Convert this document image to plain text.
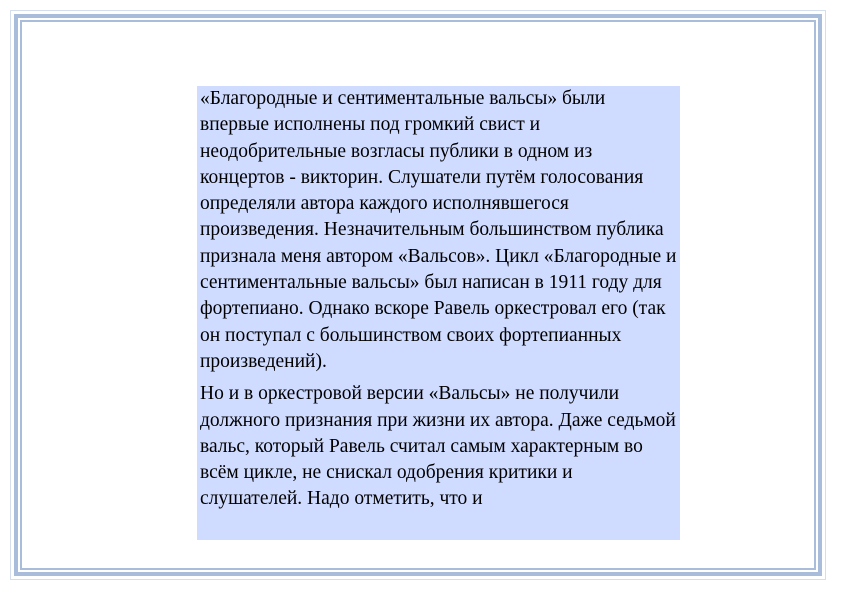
«Благородные и сентиментальные вальсы» были впервые исполнены под громкий свист и неодобрительные возгласы публики в одном из концертов - викторин. Слушатели путём голосования определяли автора каждого исполнявшегося произведения. Незначительным большинством публика признала меня автором «Вальсов». Цикл «Благородные и сентиментальные вальсы» был написан в 1911 году для фортепиано. Однако вскоре Равель оркестровал его (так он поступал с большинством своих фортепианных произведений).

Но и в оркестровой версии «Вальсы» не получили должного признания при жизни их автора. Даже седьмой вальс, который Равель считал самым характерным во всём цикле, не снискал одобрения критики и слушателей. Надо отметить, что и
